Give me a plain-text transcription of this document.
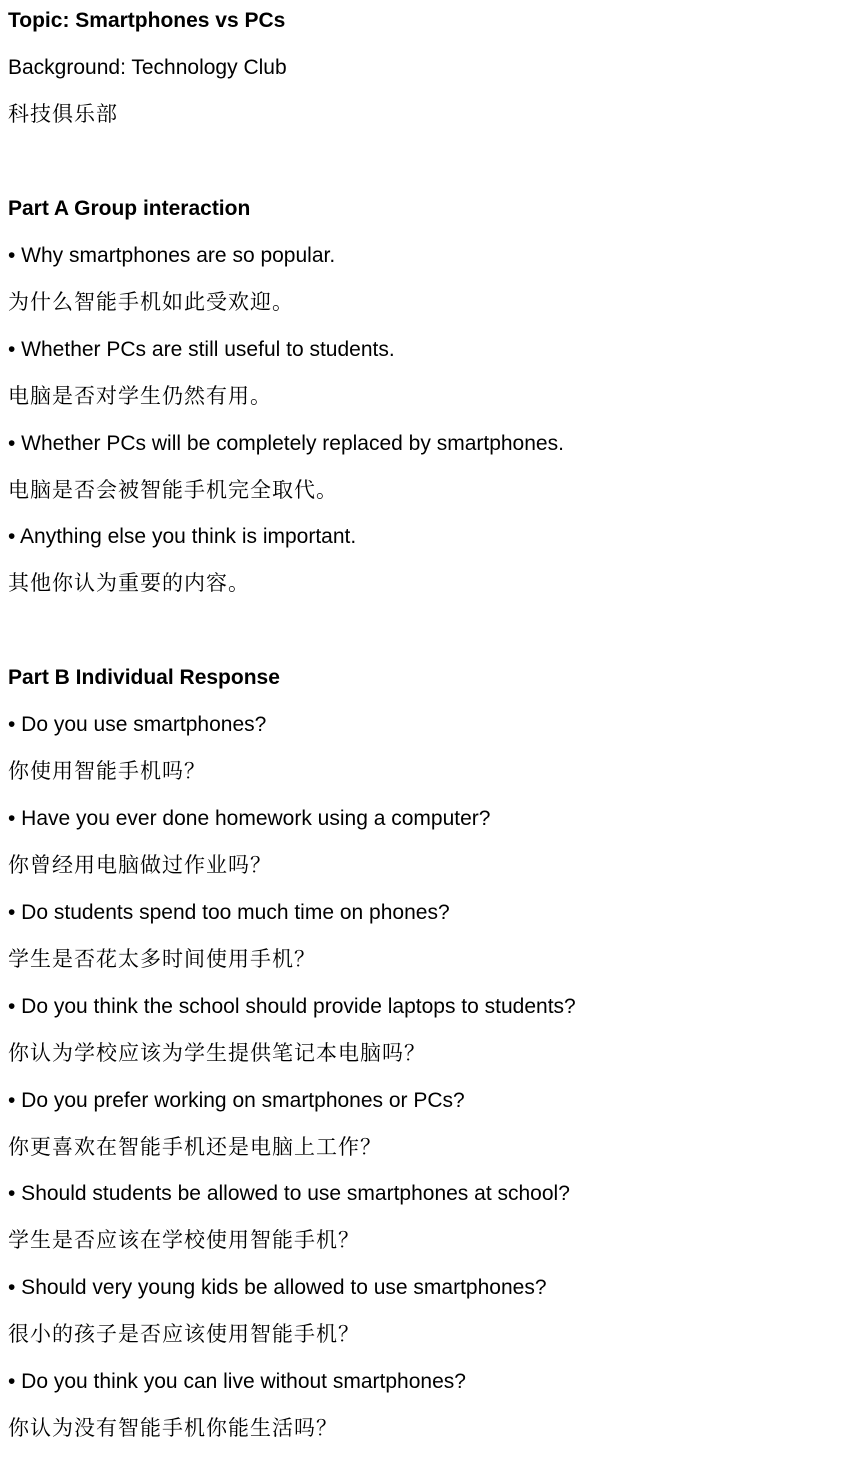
Topic: Smartphones vs PCs
Background: Technology Club
科技俱乐部
Part A Group interaction
• Why smartphones are so popular.
为什么智能手机如此受欢迎。
• Whether PCs are still useful to students.
电脑是否对学生仍然有用。
• Whether PCs will be completely replaced by smartphones.
电脑是否会被智能手机完全取代。
• Anything else you think is important.
其他你认为重要的内容。
Part B Individual Response
• Do you use smartphones?
你使用智能手机吗？
• Have you ever done homework using a computer?
你曾经用电脑做过作业吗？
• Do students spend too much time on phones?
学生是否花太多时间使用手机？
• Do you think the school should provide laptops to students?
你认为学校应该为学生提供笔记本电脑吗？
• Do you prefer working on smartphones or PCs?
你更喜欢在智能手机还是电脑上工作？
• Should students be allowed to use smartphones at school?
学生是否应该在学校使用智能手机？
• Should very young kids be allowed to use smartphones?
很小的孩子是否应该使用智能手机？
• Do you think you can live without smartphones?
你认为没有智能手机你能生活吗？
